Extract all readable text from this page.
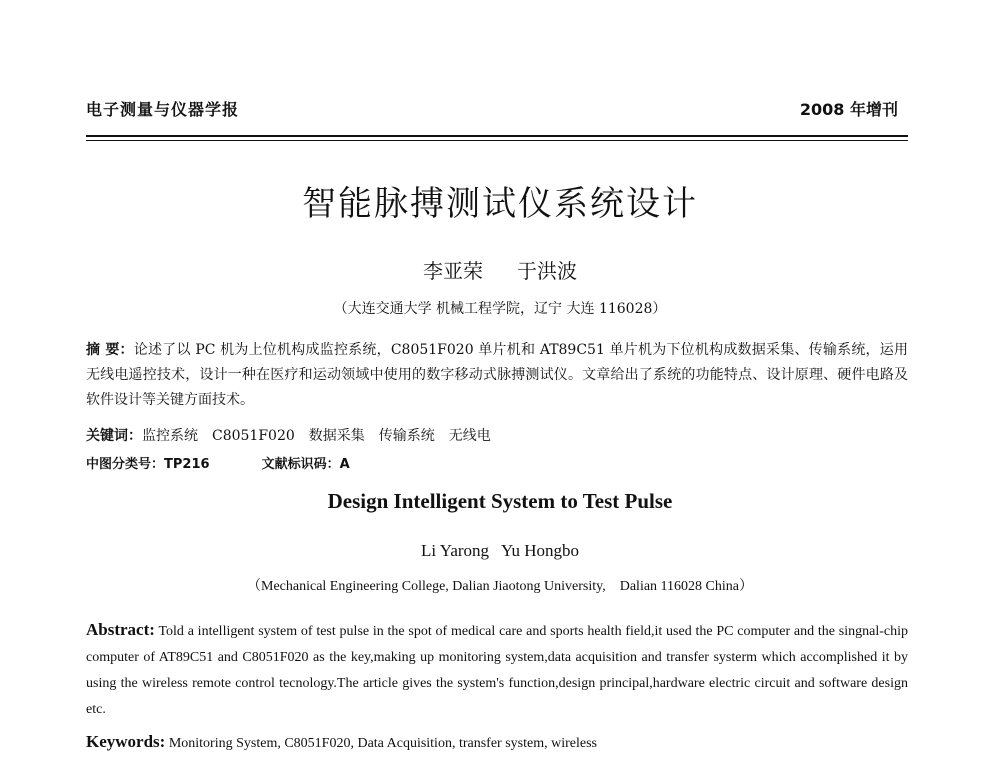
电子测量与仪器学报	2008 年增刊
智能脉搏测试仪系统设计
李亚荣 于洪波
（大连交通大学 机械工程学院，辽宁 大连 116028）
摘 要：论述了以 PC 机为上位机构成监控系统，C8051F020 单片机和 AT89C51 单片机为下位机构成数据采集、传输系统，运用无线电遥控技术，设计一种在医疗和运动领域中使用的数字移动式脉搏测试仪。文章给出了系统的功能特点、设计原理、硬件电路及软件设计等关键方面技术。
关键词：监控系统 C8051F020 数据采集 传输系统 无线电
中图分类号：TP216	文献标识码：A
Design Intelligent System to Test Pulse
Li Yarong Yu Hongbo
（Mechanical Engineering College, Dalian Jiaotong University,    Dalian 116028 China）
Abstract: Told a intelligent system of test pulse in the spot of medical care and sports health field,it used the PC computer and the singnal-chip computer of AT89C51 and C8051F020 as the key,making up monitoring system,data acquisition and transfer systerm which accomplished it by using the wireless remote control tecnology.The article gives the system's function,design principal,hardware electric circuit and software design etc.
Keywords: Monitoring System, C8051F020, Data Acquisition, transfer system, wireless
